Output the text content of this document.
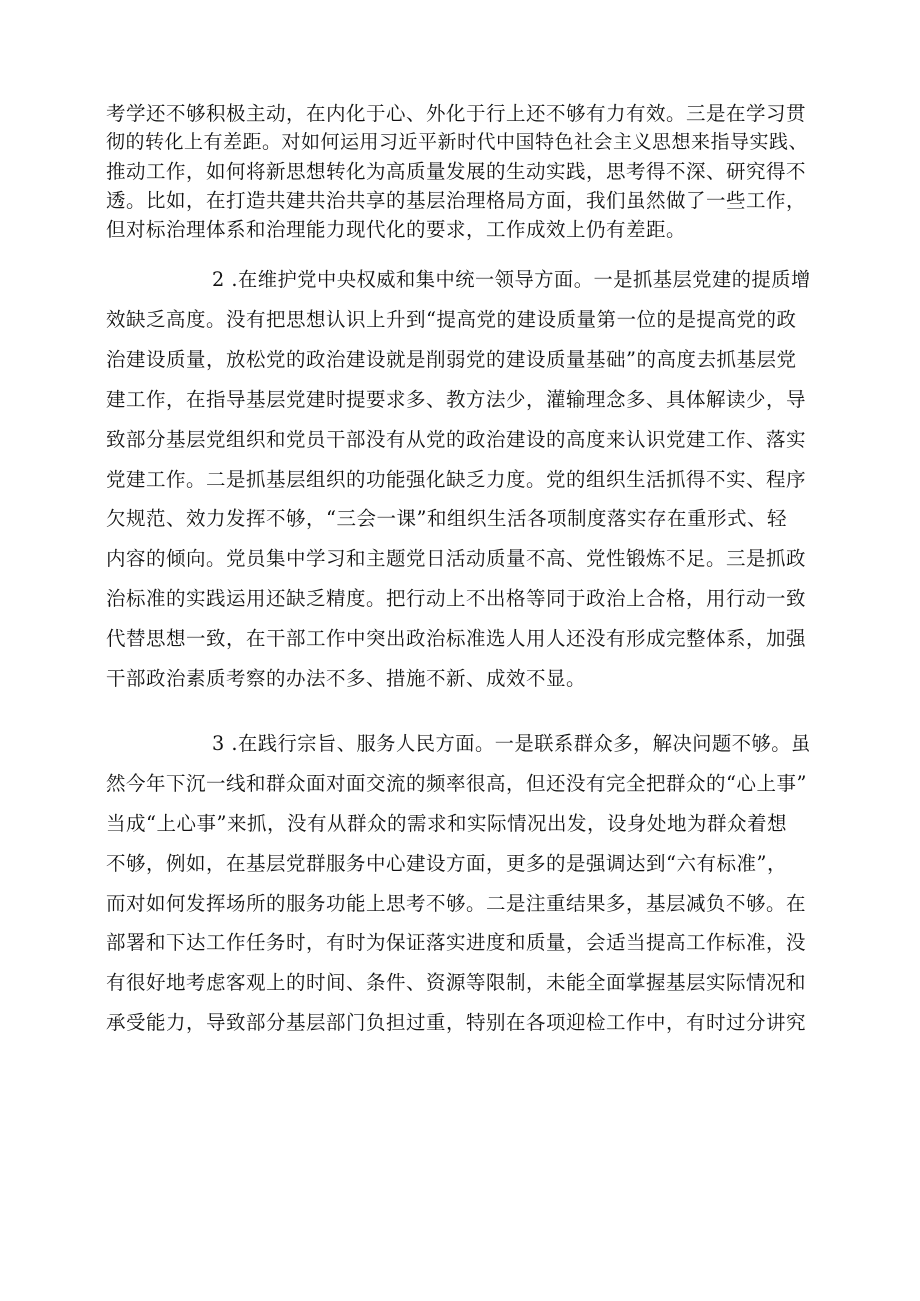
考学还不够积极主动，在内化于心、外化于行上还不够有力有效。三是在学习贯
彻的转化上有差距。对如何运用习近平新时代中国特色社会主义思想来指导实践、
推动工作，如何将新思想转化为高质量发展的生动实践，思考得不深、研究得不
透。比如，在打造共建共治共享的基层治理格局方面，我们虽然做了一些工作，
但对标治理体系和治理能力现代化的要求，工作成效上仍有差距。
2 .在维护党中央权威和集中统一领导方面。一是抓基层党建的提质增
效缺乏高度。没有把思想认识上升到“提高党的建设质量第一位的是提高党的政
治建设质量，放松党的政治建设就是削弱党的建设质量基础”的高度去抓基层党
建工作，在指导基层党建时提要求多、教方法少，灌输理念多、具体解读少，导
致部分基层党组织和党员干部没有从党的政治建设的高度来认识党建工作、落实
党建工作。二是抓基层组织的功能强化缺乏力度。党的组织生活抓得不实、程序
欠规范、效力发挥不够，“三会一课”和组织生活各项制度落实存在重形式、轻
内容的倾向。党员集中学习和主题党日活动质量不高、党性锻炼不足。三是抓政
治标准的实践运用还缺乏精度。把行动上不出格等同于政治上合格，用行动一致
代替思想一致，在干部工作中突出政治标准选人用人还没有形成完整体系，加强
干部政治素质考察的办法不多、措施不新、成效不显。
3 .在践行宗旨、服务人民方面。一是联系群众多，解决问题不够。虽
然今年下沉一线和群众面对面交流的频率很高，但还没有完全把群众的“心上事”
当成“上心事”来抓，没有从群众的需求和实际情况出发，设身处地为群众着想
不够，例如，在基层党群服务中心建设方面，更多的是强调达到“六有标准”，
而对如何发挥场所的服务功能上思考不够。二是注重结果多，基层减负不够。在
部署和下达工作任务时，有时为保证落实进度和质量，会适当提高工作标准，没
有很好地考虑客观上的时间、条件、资源等限制，未能全面掌握基层实际情况和
承受能力，导致部分基层部门负担过重，特别在各项迎检工作中，有时过分讲究
